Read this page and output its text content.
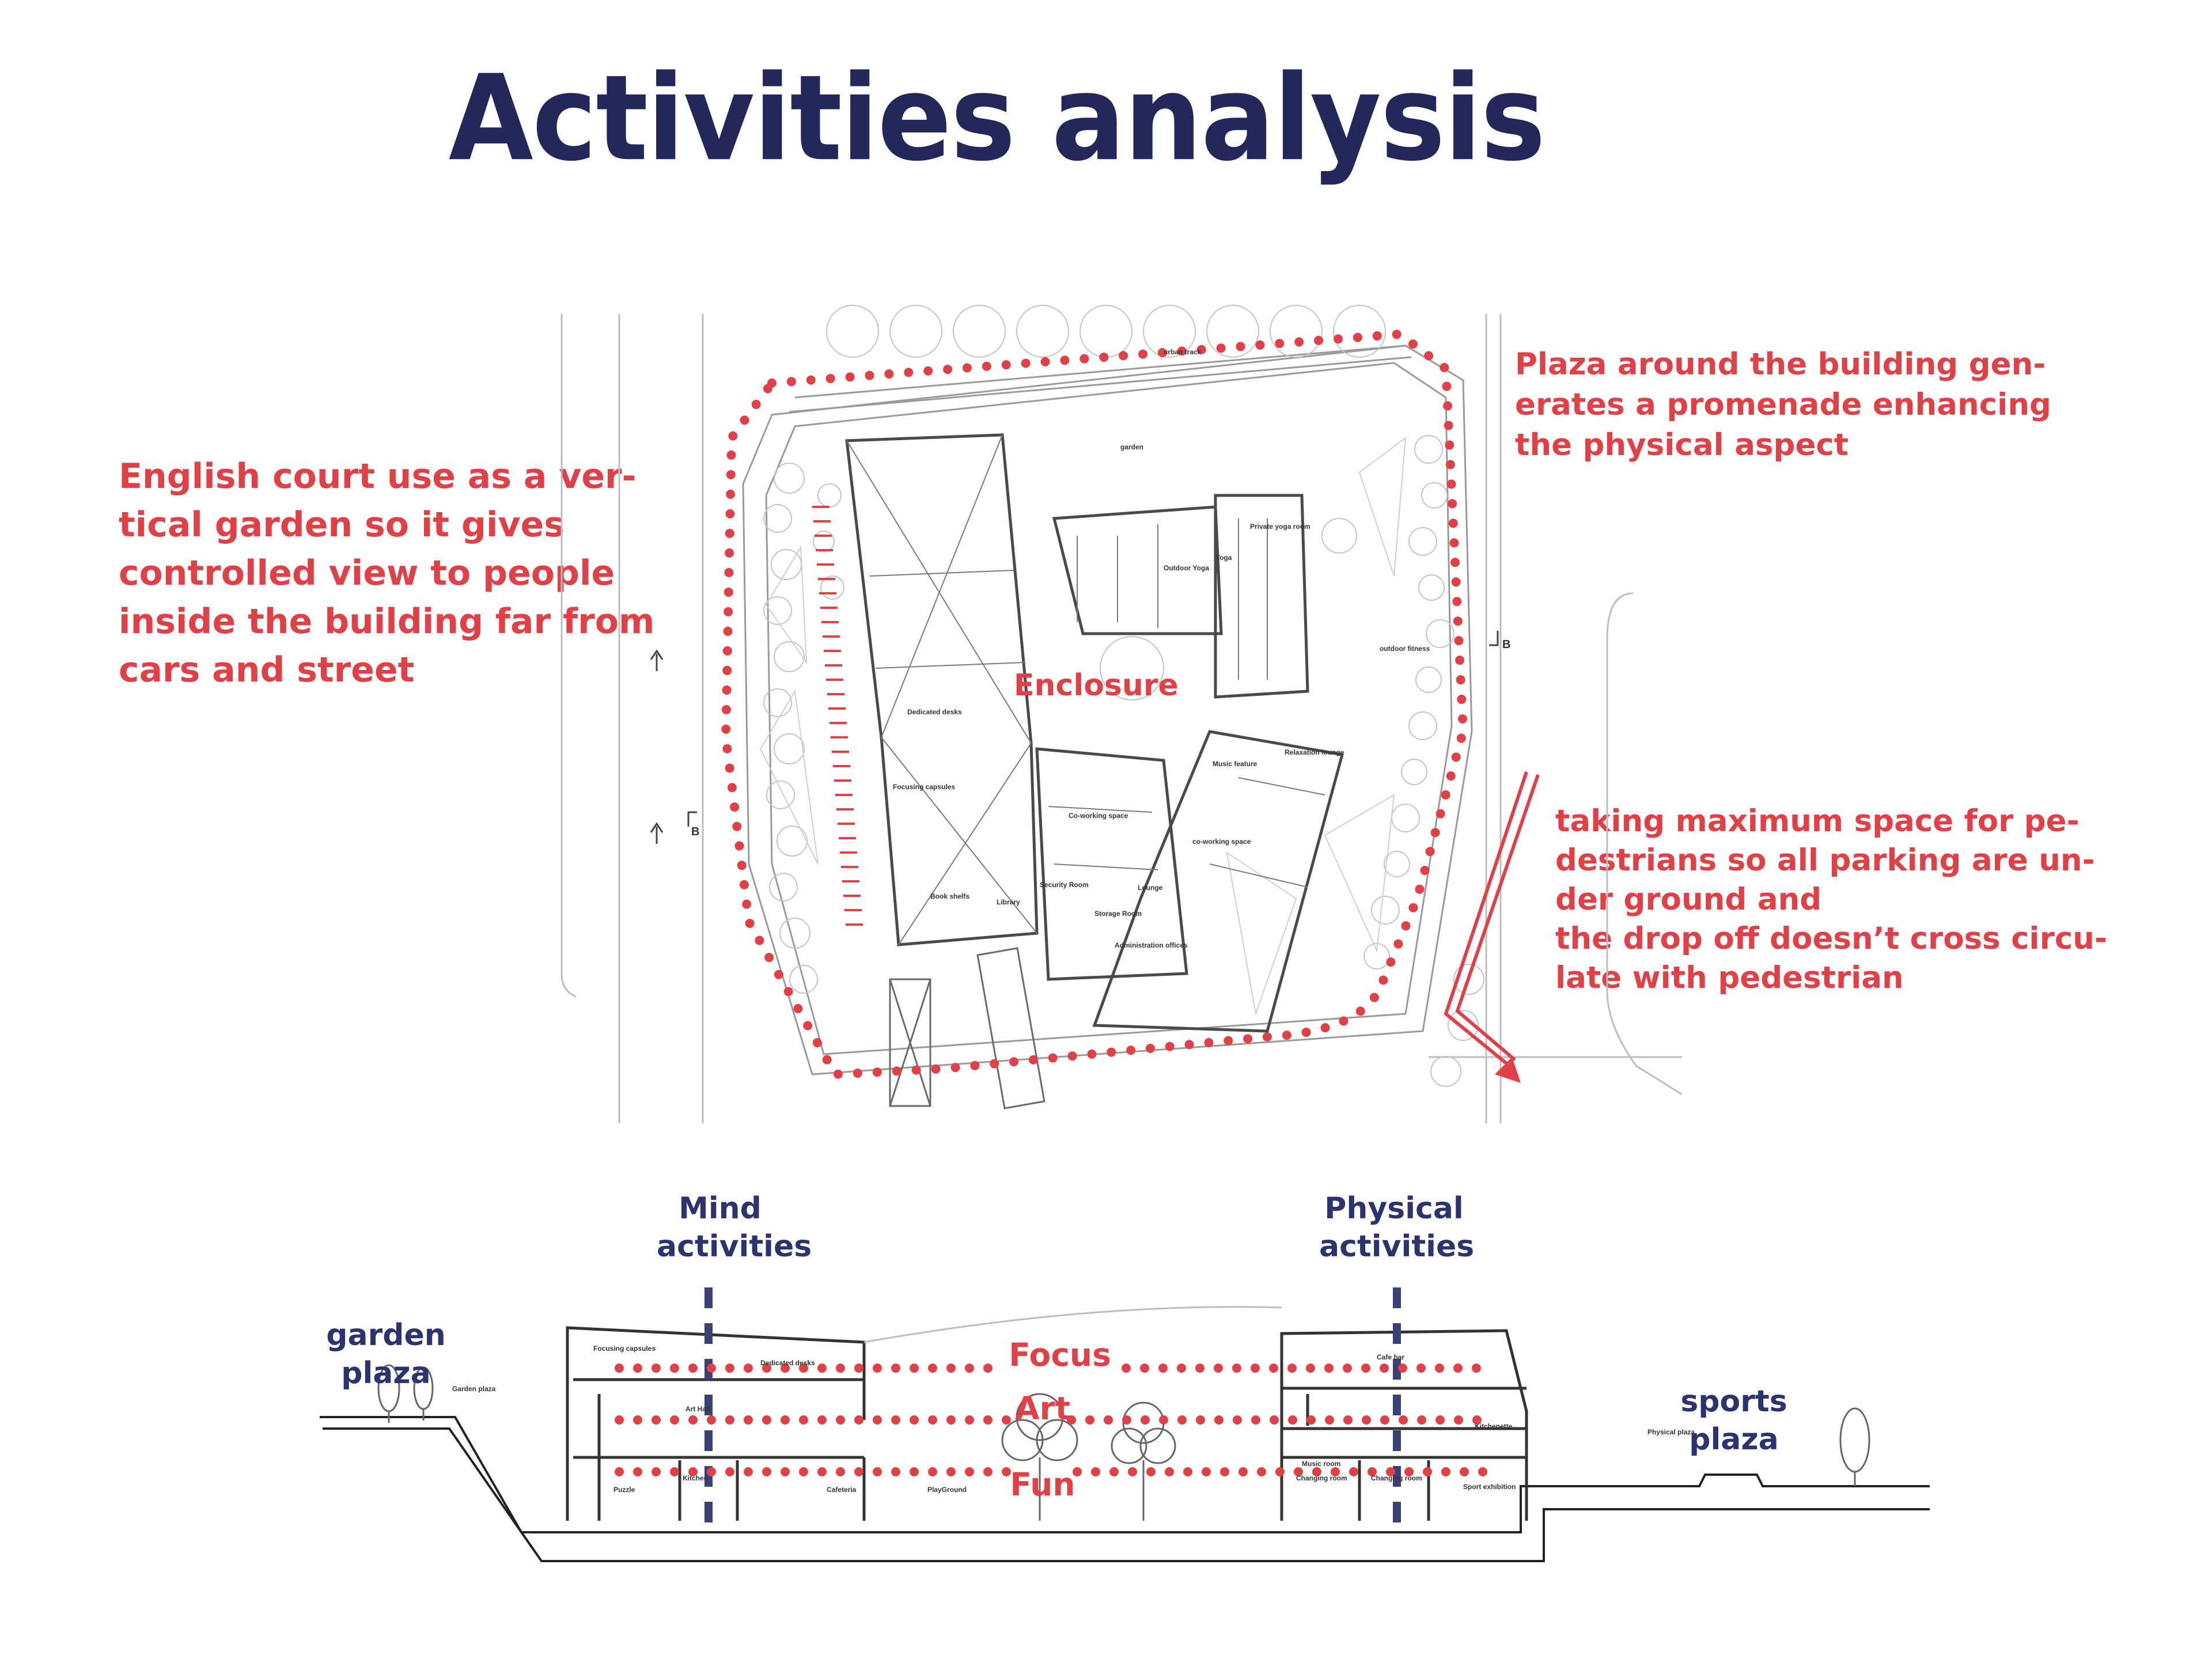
Activities analysis
English court use as a ver-
tical garden so it gives
controlled view to people
inside the building far from
cars and street
Plaza around the building gen-
erates a promenade enhancing
the physical aspect
taking maximum space for pe-
destrians so all parking are un-
der ground and
the drop off doesn’t cross circu-
late with pedestrian
B
B
urban track
garden
Private yoga room
Outdoor Yoga
Yoga
outdoor fitness
Relaxation lounge
Music feature
co-working space
Co-working space
Dedicated desks
Focusing capsules
Library
Book shelfs
Security Room
Storage Room
Lounge
Administration offices
Enclosure
Garden plaza
Physical plaza
Focusing capsules
Dedicated desks
Art Hall
Puzzle
Kitchen
Cafeteria	PlayGround
Cafe bar
Music room
Kitchenette
Changing room	Changing room
Sport exhibition
Mind
activities
Physical
activities
garden
plaza
sports
plaza
Focus
Art
Fun
